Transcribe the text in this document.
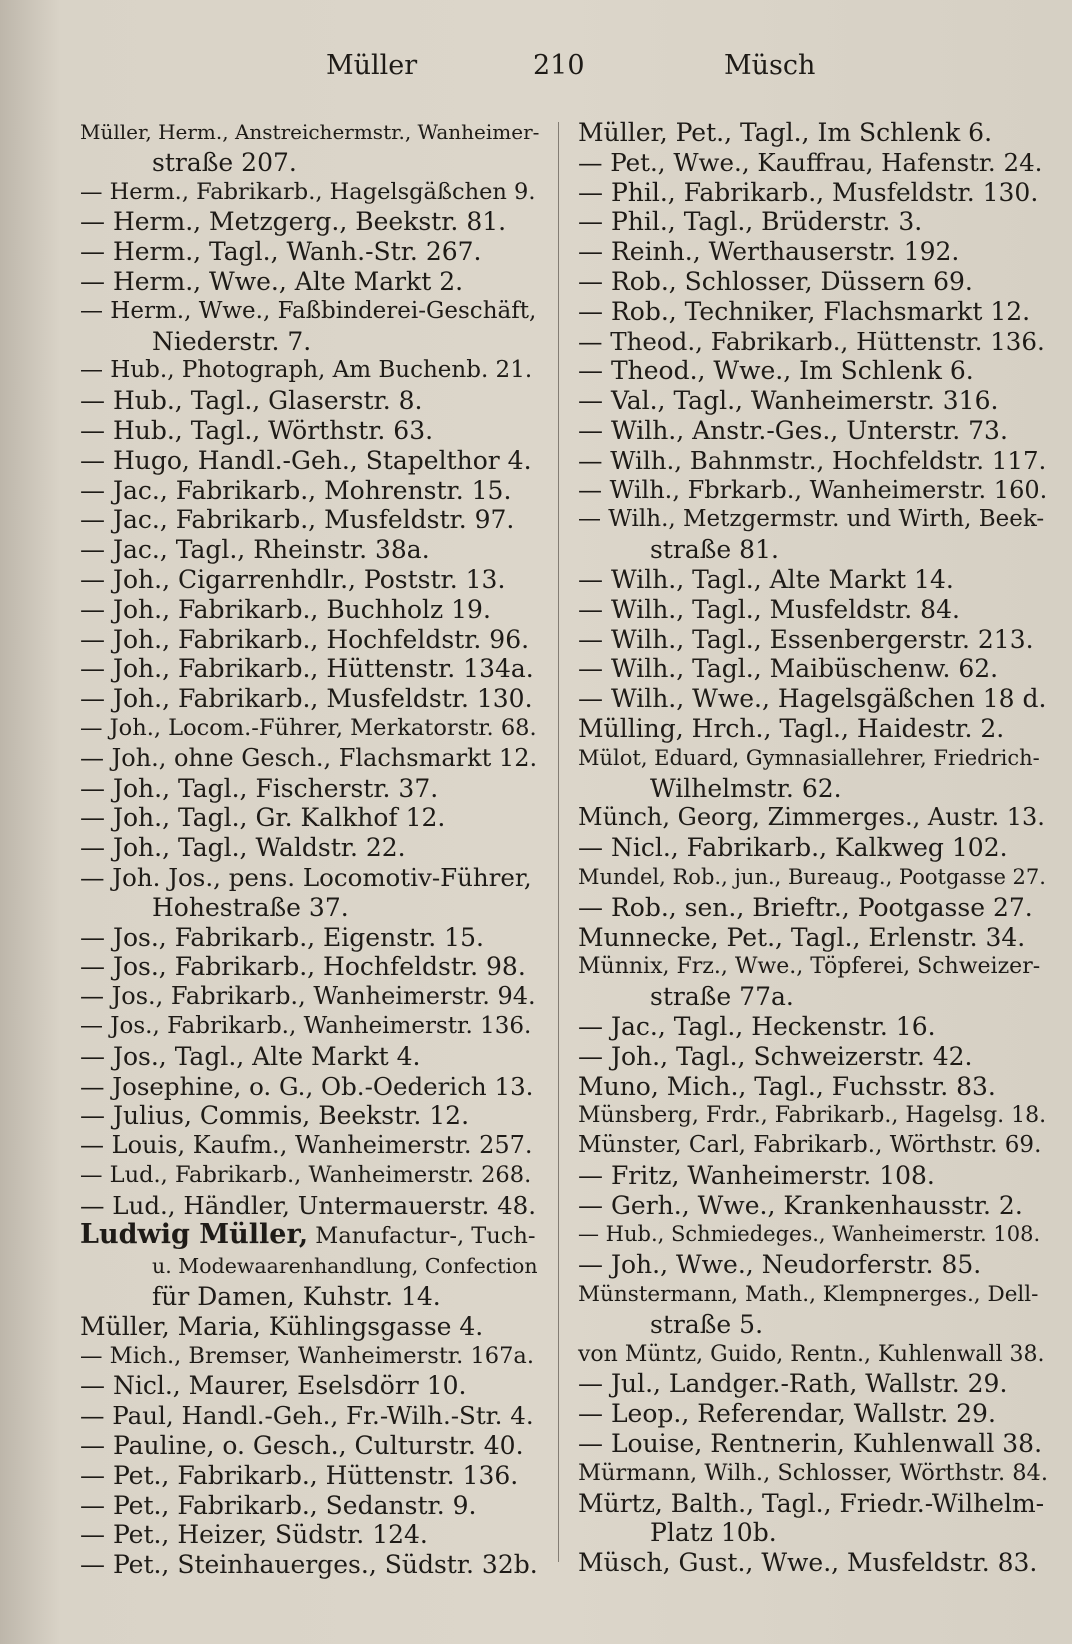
Müller	210	Müsch

Müller, Herm., Anstreichermstr., Wanheimer-

straße 207.

— Herm., Fabrikarb., Hagelsgäßchen 9.

— Herm., Metzgerg., Beekstr. 81.

— Herm., Tagl., Wanh.-Str. 267.

— Herm., Wwe., Alte Markt 2.

— Herm., Wwe., Faßbinderei-Geschäft,

Niederstr. 7.

— Hub., Photograph, Am Buchenb. 21.

— Hub., Tagl., Glaserstr. 8.

— Hub., Tagl., Wörthstr. 63.

— Hugo, Handl.-Geh., Stapelthor 4.

— Jac., Fabrikarb., Mohrenstr. 15.

— Jac., Fabrikarb., Musfeldstr. 97.

— Jac., Tagl., Rheinstr. 38a.

— Joh., Cigarrenhdlr., Poststr. 13.

— Joh., Fabrikarb., Buchholz 19.

— Joh., Fabrikarb., Hochfeldstr. 96.

— Joh., Fabrikarb., Hüttenstr. 134a.

— Joh., Fabrikarb., Musfeldstr. 130.

— Joh., Locom.-Führer, Merkatorstr. 68.

— Joh., ohne Gesch., Flachsmarkt 12.

— Joh., Tagl., Fischerstr. 37.

— Joh., Tagl., Gr. Kalkhof 12.

— Joh., Tagl., Waldstr. 22.

— Joh. Jos., pens. Locomotiv-Führer,

Hohestraße 37.

— Jos., Fabrikarb., Eigenstr. 15.

— Jos., Fabrikarb., Hochfeldstr. 98.

— Jos., Fabrikarb., Wanheimerstr. 94.

— Jos., Fabrikarb., Wanheimerstr. 136.

— Jos., Tagl., Alte Markt 4.

— Josephine, o. G., Ob.-Oederich 13.

— Julius, Commis, Beekstr. 12.

— Louis, Kaufm., Wanheimerstr. 257.

— Lud., Fabrikarb., Wanheimerstr. 268.

— Lud., Händler, Untermauerstr. 48.

Ludwig Müller, Manufactur-, Tuch-

u. Modewaarenhandlung, Confection

für Damen, Kuhstr. 14.

Müller, Maria, Kühlingsgasse 4.

— Mich., Bremser, Wanheimerstr. 167a.

— Nicl., Maurer, Eselsdörr 10.

— Paul, Handl.-Geh., Fr.-Wilh.-Str. 4.

— Pauline, o. Gesch., Culturstr. 40.

— Pet., Fabrikarb., Hüttenstr. 136.

— Pet., Fabrikarb., Sedanstr. 9.

— Pet., Heizer, Südstr. 124.

— Pet., Steinhauerges., Südstr. 32b.

Müller, Pet., Tagl., Im Schlenk 6.

— Pet., Wwe., Kauffrau, Hafenstr. 24.

— Phil., Fabrikarb., Musfeldstr. 130.

— Phil., Tagl., Brüderstr. 3.

— Reinh., Werthauserstr. 192.

— Rob., Schlosser, Düssern 69.

— Rob., Techniker, Flachsmarkt 12.

— Theod., Fabrikarb., Hüttenstr. 136.

— Theod., Wwe., Im Schlenk 6.

— Val., Tagl., Wanheimerstr. 316.

— Wilh., Anstr.-Ges., Unterstr. 73.

— Wilh., Bahnmstr., Hochfeldstr. 117.

— Wilh., Fbrkarb., Wanheimerstr. 160.

— Wilh., Metzgermstr. und Wirth, Beek-

straße 81.

— Wilh., Tagl., Alte Markt 14.

— Wilh., Tagl., Musfeldstr. 84.

— Wilh., Tagl., Essenbergerstr. 213.

— Wilh., Tagl., Maibüschenw. 62.

— Wilh., Wwe., Hagelsgäßchen 18 d.

Mülling, Hrch., Tagl., Haidestr. 2.

Mülot, Eduard, Gymnasiallehrer, Friedrich-

Wilhelmstr. 62.

Münch, Georg, Zimmerges., Austr. 13.

— Nicl., Fabrikarb., Kalkweg 102.

Mundel, Rob., jun., Bureaug., Pootgasse 27.

— Rob., sen., Brieftr., Pootgasse 27.

Munnecke, Pet., Tagl., Erlenstr. 34.

Münnix, Frz., Wwe., Töpferei, Schweizer-

straße 77a.

— Jac., Tagl., Heckenstr. 16.

— Joh., Tagl., Schweizerstr. 42.

Muno, Mich., Tagl., Fuchsstr. 83.

Münsberg, Frdr., Fabrikarb., Hagelsg. 18.

Münster, Carl, Fabrikarb., Wörthstr. 69.

— Fritz, Wanheimerstr. 108.

— Gerh., Wwe., Krankenhausstr. 2.

— Hub., Schmiedeges., Wanheimerstr. 108.

— Joh., Wwe., Neudorferstr. 85.

Münstermann, Math., Klempnerges., Dell-

straße 5.

von Müntz, Guido, Rentn., Kuhlenwall 38.

— Jul., Landger.-Rath, Wallstr. 29.

— Leop., Referendar, Wallstr. 29.

— Louise, Rentnerin, Kuhlenwall 38.

Mürmann, Wilh., Schlosser, Wörthstr. 84.

Mürtz, Balth., Tagl., Friedr.-Wilhelm-

Platz 10b.

Müsch, Gust., Wwe., Musfeldstr. 83.
